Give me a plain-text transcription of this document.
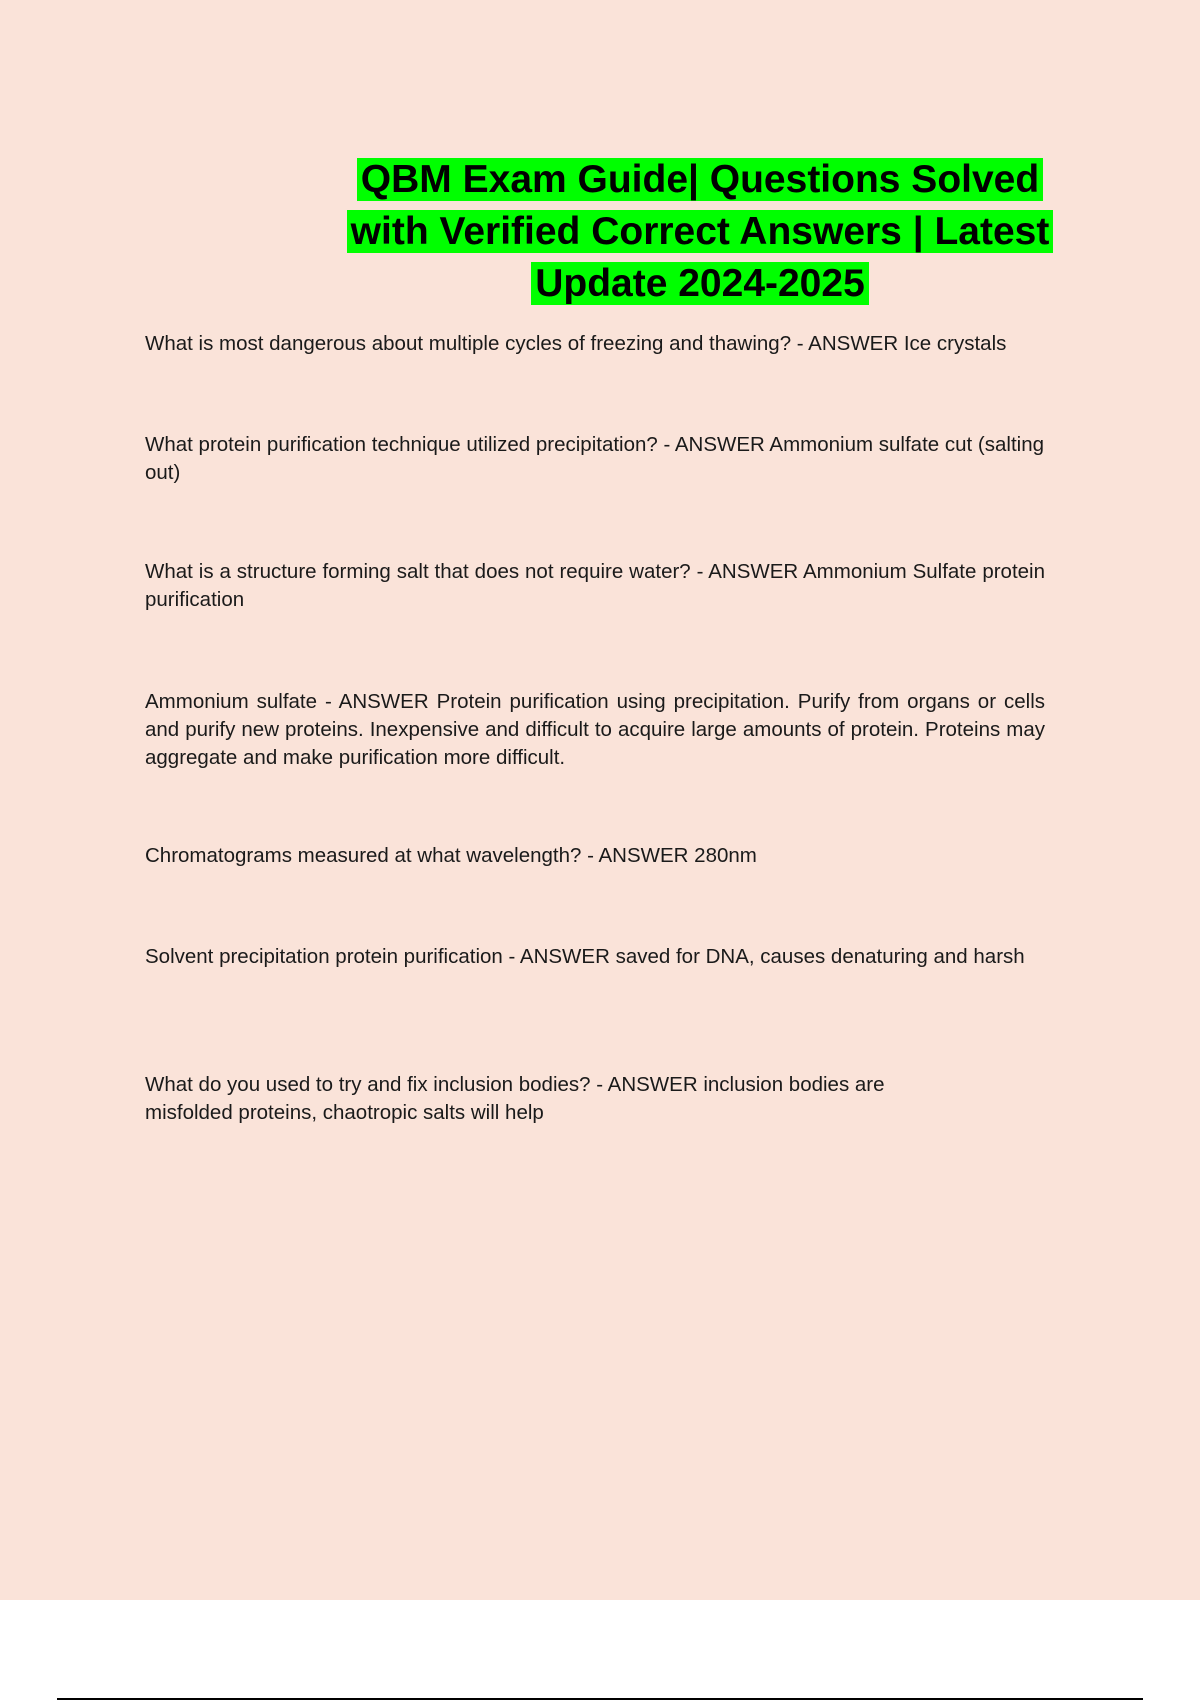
QBM Exam Guide| Questions Solved with Verified Correct Answers | Latest Update 2024-2025

What is most dangerous about multiple cycles of freezing and thawing? - ANSWER Ice crystals

What protein purification technique utilized precipitation? - ANSWER Ammonium sulfate cut (salting out)

What is a structure forming salt that does not require water? - ANSWER Ammonium Sulfate protein purification

Ammonium sulfate - ANSWER Protein purification using precipitation. Purify from organs or cells and purify new proteins. Inexpensive and difficult to acquire large amounts of protein. Proteins may aggregate and make purification more difficult.

Chromatograms measured at what wavelength? - ANSWER 280nm

Solvent precipitation protein purification - ANSWER saved for DNA, causes denaturing and harsh

What do you used to try and fix inclusion bodies? - ANSWER inclusion bodies are misfolded proteins, chaotropic salts will help
